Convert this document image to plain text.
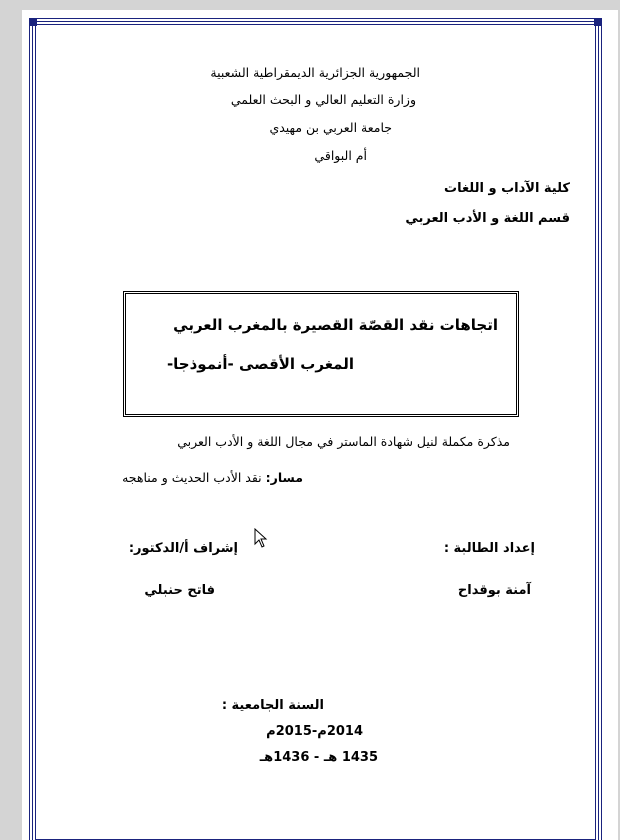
الجمهورية الجزائرية الديمقراطية الشعبية
وزارة التعليم العالي و البحث العلمي
جامعة العربي بن مهيدي
أم البواقي
كلية الآداب و اللغات
قسم اللغة و الأدب العربي
اتجاهات نقد القصّة القصيرة بالمغرب العربي
المغرب الأقصى -أنموذجا-
مذكرة مكملة لنيل شهادة الماستر في مجال اللغة و الأدب العربي
مسار: نقد الأدب الحديث و مناهجه
إعداد الطالبة :
إشراف أ/الدكتور:
آمنة بوقداح
فاتح حنبلي
السنة الجامعية :
2014م-2015م
1435 هـ - 1436هـ
